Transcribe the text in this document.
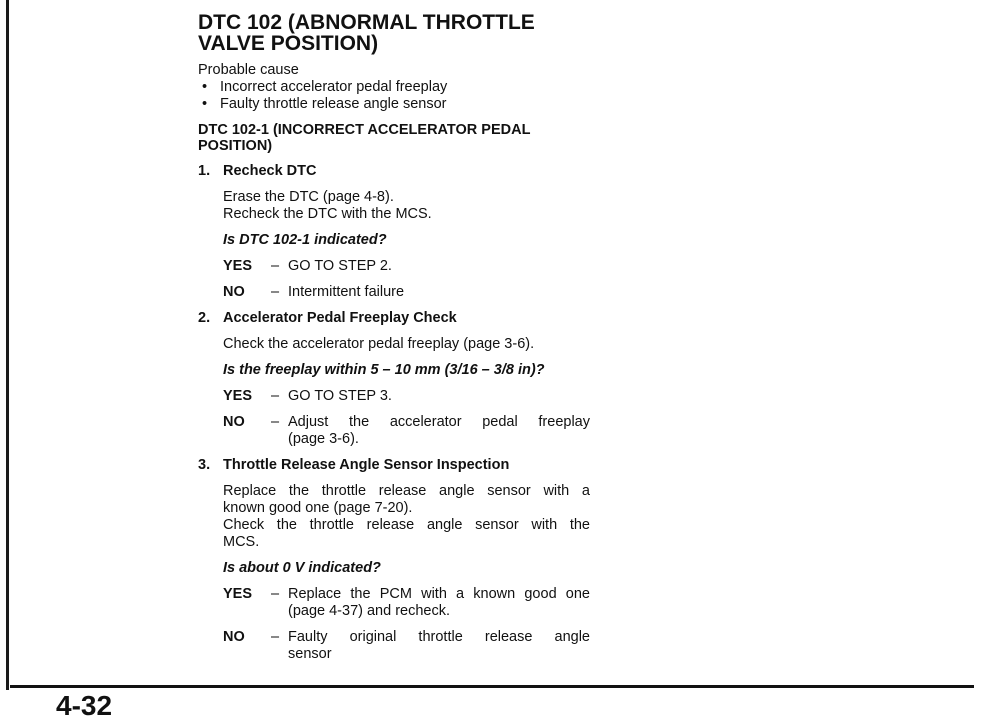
DTC 102 (ABNORMAL THROTTLE VALVE POSITION)

Probable cause

• Incorrect accelerator pedal freeplay
• Faulty throttle release angle sensor
DTC 102-1 (INCORRECT ACCELERATOR PEDAL POSITION)

1. Recheck DTC

Erase the DTC (page 4-8).

Recheck the DTC with the MCS.

Is DTC 102-1 indicated?

YES	– GO TO STEP 2.
NO	– Intermittent failure

2. Accelerator Pedal Freeplay Check

Check the accelerator pedal freeplay (page 3-6).

Is the freeplay within 5 – 10 mm (3/16 – 3/8 in)?

YES	– GO TO STEP 3.
NO	– Adjust the accelerator pedal freeplay
(page 3-6).

3. Throttle Release Angle Sensor Inspection

Replace the throttle release angle sensor with a

known good one (page 7-20).

Check the throttle release angle sensor with the

MCS.

Is about 0 V indicated?

YES	– Replace the PCM with a known good one
(page 4-37) and recheck.
NO	– Faulty original throttle release angle
sensor
4-32
